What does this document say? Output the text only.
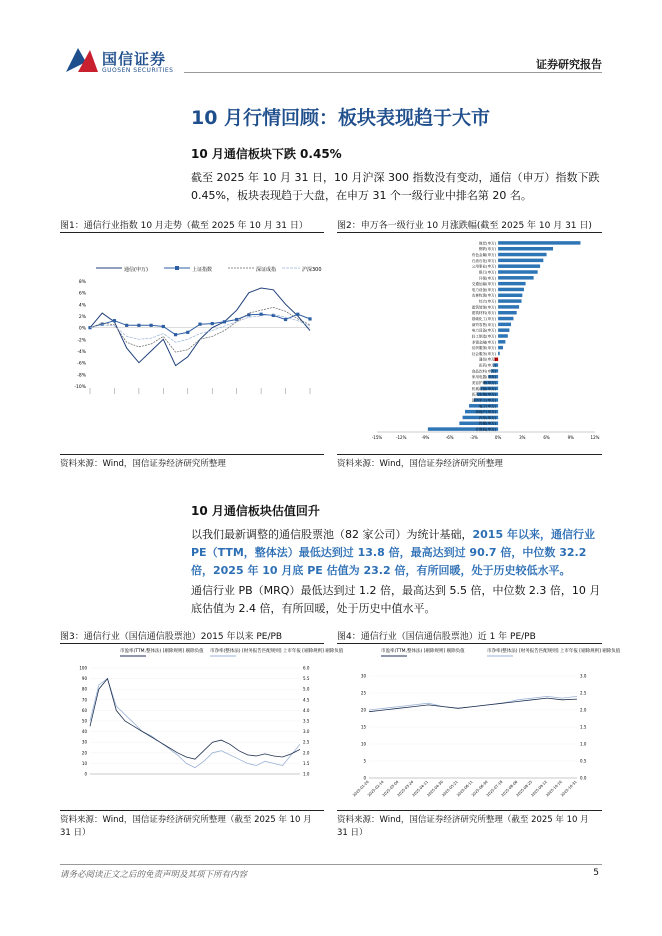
国信证券
GUOSEN SECURITIES	证券研究报告
10 月行情回顾：板块表现趋于大市
10 月通信板块下跌 0.45%
截至 2025 年 10 月 31 日，10 月沪深 300 指数没有变动，通信（申万）指数下跌 0.45%，板块表现趋于大盘，在申万 31 个一级行业中排名第 20 名。
图1：通信行业指数 10 月走势（截至 2025 年 10 月 31 日）
通信(申万)	上证指数	深证成指	沪深300
8%
6%
4%
2%
0%
-2%
-4%
-6%
-8%
-10%
资料来源：Wind，国信证券经济研究所整理
图2：申万各一级行业 10 月涨跌幅(截至 2025 年 10 月 31 日)
煤炭(申万)
钢铁(申万)
有色金属(申万)
石油石化(申万)
公用事业(申万)
银行(申万)
环保(申万)
交通运输(申万)
电力设备(申万)
农林牧渔(申万)
综合(申万)
建筑装饰(申万)
建筑材料(申万)
基础化工(申万)
商贸零售(申万)
电力设备(申万)
轻工制造(申万)
非银金融(申万)
纺织服饰(申万)
社会服务(申万)
通信(申万)
医药(申万)
食品饮料(申万)
家用电器(申万)
美容护理(申万)
机械设备(申万)
医药生物(申万)
国防军工(申万)
电子(申万)
房地产(申万)
汽车(申万)
传媒(申万)
计算机(申万)
-15%	-12%	-9%	-6%	-3%	0%	3%	6%	9%	12%
资料来源：Wind，国信证券经济研究所整理
10 月通信板块估值回升
以我们最新调整的通信股票池（82 家公司）为统计基础，2015 年以来，通信行业 PE（TTM，整体法）最低达到过 13.8 倍，最高达到过 90.7 倍，中位数 32.2 倍，2025 年 10 月底 PE 估值为 23.2 倍，有所回暖，处于历史较低水平。
通信行业 PB（MRQ）最低达到过 1.2 倍，最高达到 5.5 倍，中位数 2.3 倍，10 月底估值为 2.4 倍，有所回暖，处于历史中值水平。
图3：通信行业（国信通信股票池）2015 年以来 PE/PB
市盈率(TTM,整体法) [剔除规则] 剔除负值 市净率(整体法) [财务报告匹配规则] 上市年报 [剔除规则] 剔除负值
0
10
20
30
40
50
60
70
80
90
100
1.0
1.5
2.0
2.5
3.0
3.5
4.0
4.5
5.0
5.5
6.0
资料来源：Wind，国信证券经济研究所整理（截至 2025 年 10 月 31 日）
图4：通信行业（国信通信股票池）近 1 年 PE/PB
市盈率(TTM,整体法) [剔除规则] 剔除负值	市净率(整体法) [财务报告匹配规则] 上市年报 [剔除规则] 剔除负值
0
5
10
15
20
25
30
0.0
0.5
1.0
1.5
2.0
2.5
3.0
2025-01-20
2025-02-14
2025-03-04
2025-03-24
2025-04-11
2025-04-30
2025-05-21
2025-06-11
2025-06-30
2025-07-18
2025-08-06
2025-08-25
2025-09-12
2025-10-10
2025-10-31
资料来源：Wind，国信证券经济研究所整理（截至 2025 年 10 月 31 日）
请务必阅读正文之后的免责声明及其项下所有内容	5
